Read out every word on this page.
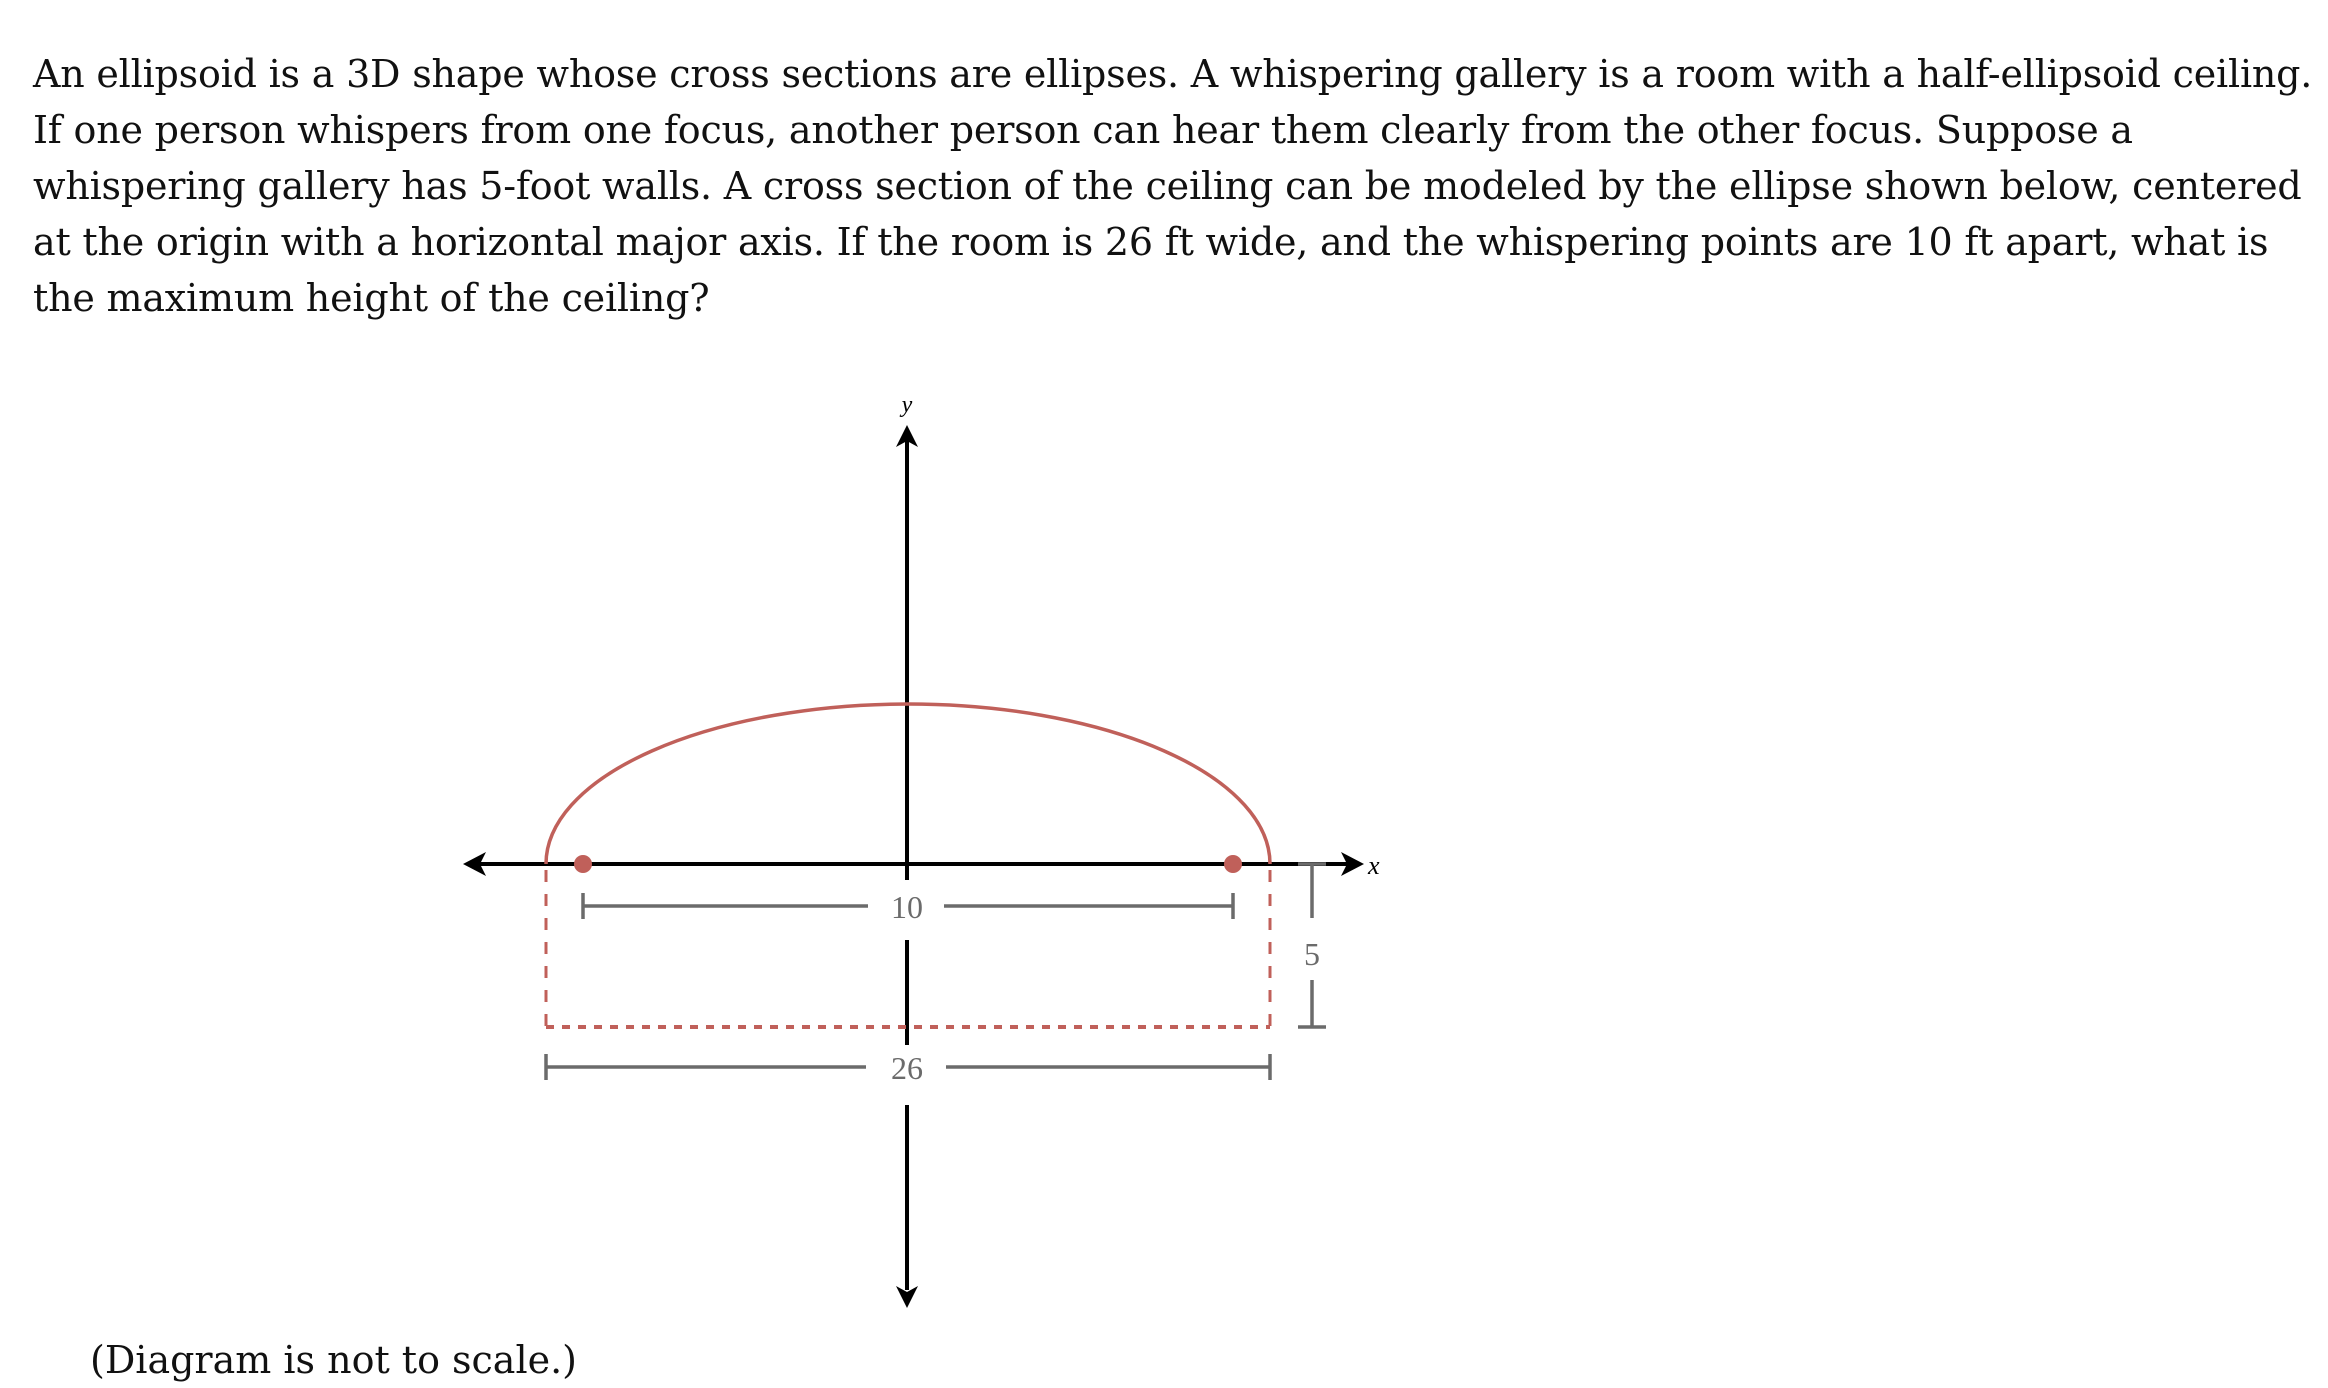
An ellipsoid is a 3D shape whose cross sections are ellipses. A whispering gallery is a room with a half-ellipsoid ceiling. If one person whispers from one focus, another person can hear them clearly from the other focus. Suppose a whispering gallery has 5-foot walls. A cross section of the ceiling can be modeled by the ellipse shown below, centered at the origin with a horizontal major axis. If the room is 26 ft wide, and the whispering points are 10 ft apart, what is the maximum height of the ceiling?
y
x
10
26
5
(Diagram is not to scale.)
